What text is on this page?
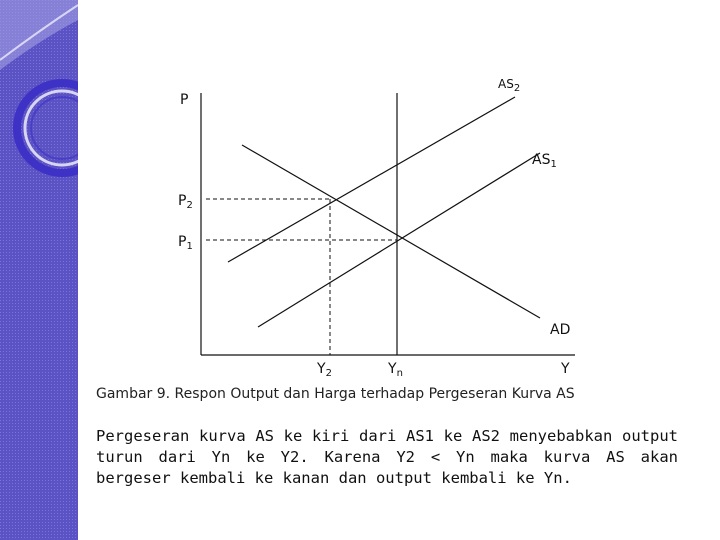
P
Y
$AS_2$
$AS_1$
AD
$P_2$
$P_1$
$Y_2$	$Y_n$
Gambar 9. Respon Output dan Harga terhadap Pergeseran Kurva AS
Pergeseran kurva AS ke kiri dari AS1 ke AS2 menyebabkan output turun dari Yn ke Y2. Karena Y2 < Yn maka kurva AS akan bergeser kembali ke kanan dan output kembali ke Yn.
